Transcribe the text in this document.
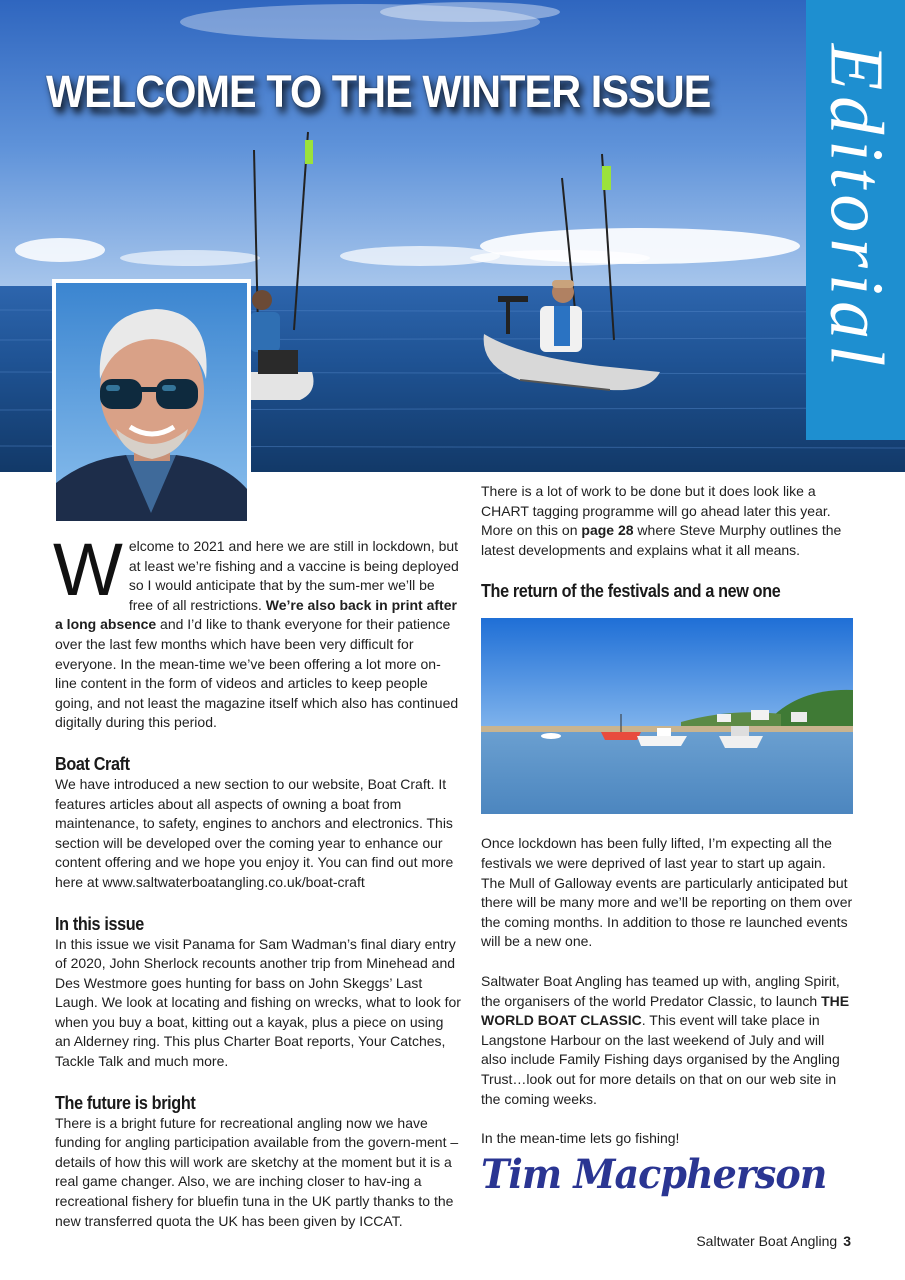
WELCOME TO THE WINTER ISSUE Editorial

Welcome to 2021 and here we are still in lockdown, but at least we’re fishing and a vaccine is being deployed so I would anticipate that by the sum-mer we’ll be free of all restrictions. We’re also back in print after a long absence and I’d like to thank everyone for their patience over the last few months which have been very difficult for everyone. In the mean-time we’ve been offering a lot more on-line content in the form of videos and articles to keep people going, and not least the magazine itself which also has continued digitally during this period.

Boat Craft

We have introduced a new section to our website, Boat Craft. It features articles about all aspects of owning a boat from maintenance, to safety, engines to anchors and electronics. This section will be developed over the coming year to enhance our content offering and we hope you enjoy it. You can find out more here at www.saltwaterboatangling.co.uk/boat-craft

In this issue

In this issue we visit Panama for Sam Wadman’s final diary entry of 2020, John Sherlock recounts another trip from Minehead and Des Westmore goes hunting for bass on John Skeggs’ Last Laugh. We look at locating and fishing on wrecks, what to look for when you buy a boat, kitting out a kayak, plus a piece on using an Alderney ring. This plus Charter Boat reports, Your Catches, Tackle Talk and much more.

The future is bright

There is a bright future for recreational angling now we have funding for angling participation available from the govern-ment – details of how this will work are sketchy at the moment but it is a real game changer. Also, we are inching closer to hav-ing a recreational fishery for bluefin tuna in the UK partly thanks to the new transferred quota the UK has been given by ICCAT.

There is a lot of work to be done but it does look like a CHART tagging programme will go ahead later this year. More on this on page 28 where Steve Murphy outlines the latest developments and explains what it all means.

The return of the festivals and a new one

Once lockdown has been fully lifted, I’m expecting all the festivals we were deprived of last year to start up again. The Mull of Galloway events are particularly anticipated but there will be many more and we’ll be reporting on them over the coming months. In addition to those re launched events will be a new one.

Saltwater Boat Angling has teamed up with, angling Spirit, the organisers of the world Predator Classic, to launch THE WORLD BOAT CLASSIC. This event will take place in Langstone Harbour on the last weekend of July and will also include Family Fishing days organised by the Angling Trust…look out for more details on that on our web site in the coming weeks.

In the mean-time lets go fishing!

Tim Macpherson
Saltwater Boat Angling 3
